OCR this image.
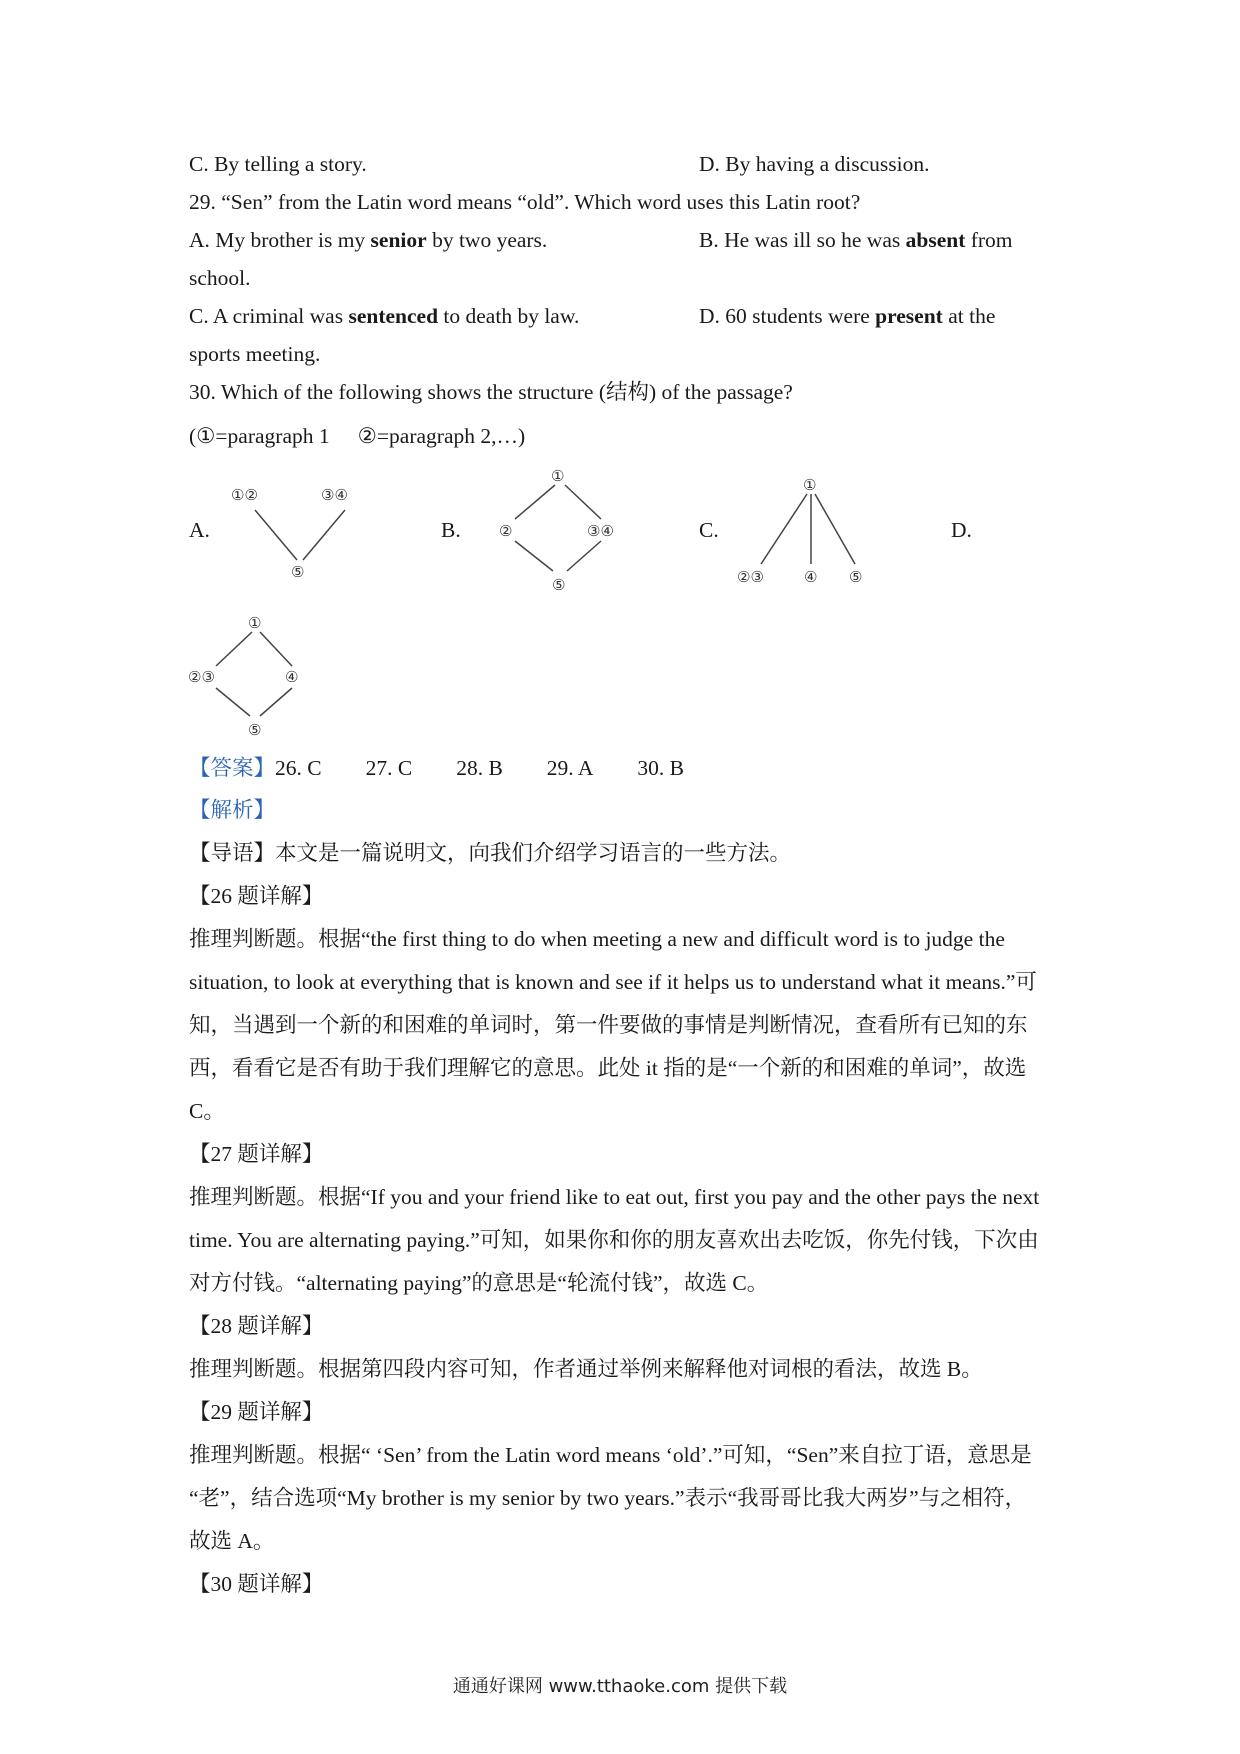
C. By telling a story.	D. By having a discussion.
29. “Sen” from the Latin word means “old”. Which word uses this Latin root?
A. My brother is my senior by two years.	B. He was ill so he was absent from
school.
C. A criminal was sentenced to death by law.	D. 60 students were present at the
sports meeting.
30. Which of the following shows the structure (结构) of the passage?
(①=paragraph 1 ②=paragraph 2,…)
A.	B.	C.	D.
①②	③④
⑤
①
②	③④
⑤
①
②③	④ ⑤
①
②③	④
⑤
【答案】26. C 27. C 28. B 29. A 30. B
【解析】
【导语】本文是一篇说明文，向我们介绍学习语言的一些方法。
【26 题详解】
推理判断题。根据“the first thing to do when meeting a new and difficult word is to judge the
situation, to look at everything that is known and see if it helps us to understand what it means.”可
知，当遇到一个新的和困难的单词时，第一件要做的事情是判断情况，查看所有已知的东
西，看看它是否有助于我们理解它的意思。此处 it 指的是“一个新的和困难的单词”，故选
C。
【27 题详解】
推理判断题。根据“If you and your friend like to eat out, first you pay and the other pays the next
time. You are alternating paying.”可知，如果你和你的朋友喜欢出去吃饭，你先付钱，下次由
对方付钱。“alternating paying”的意思是“轮流付钱”，故选 C。
【28 题详解】
推理判断题。根据第四段内容可知，作者通过举例来解释他对词根的看法，故选 B。
【29 题详解】
推理判断题。根据“ ‘Sen’ from the Latin word means ‘old’.”可知，“Sen”来自拉丁语，意思是
“老”，结合选项“My brother is my senior by two years.”表示“我哥哥比我大两岁”与之相符，
故选 A。
【30 题详解】
通通好课网 www.tthaoke.com 提供下载
